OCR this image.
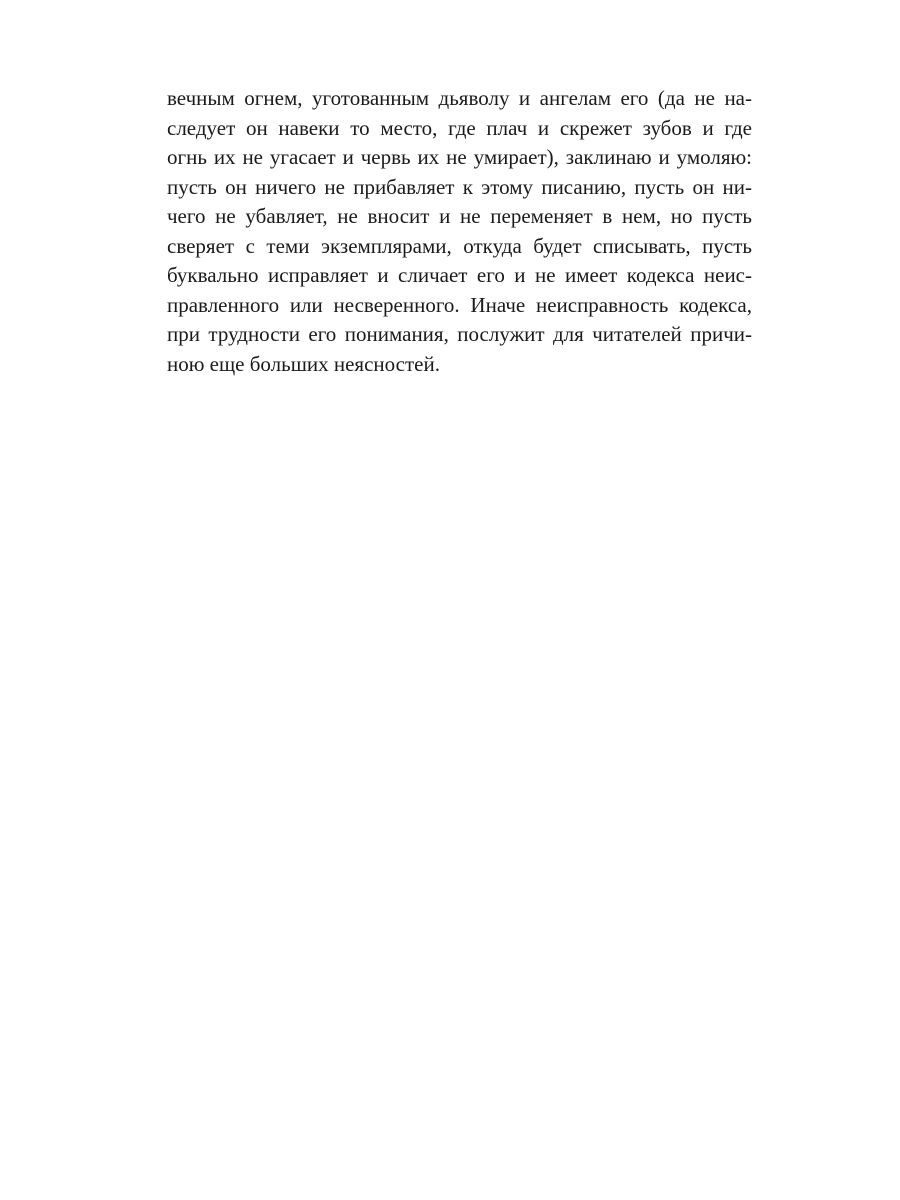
вечным огнем, уготованным дьяволу и ангелам его (да не на-
следует он навеки то место, где плач и скрежет зубов и где
огнь их не угасает и червь их не умирает), заклинаю и умоляю:
пусть он ничего не прибавляет к этому писанию, пусть он ни-
чего не убавляет, не вносит и не переменяет в нем, но пусть
сверяет с теми экземплярами, откуда будет списывать, пусть
буквально исправляет и сличает его и не имеет кодекса неис-
правленного или несверенного. Иначе неисправность кодекса,
при трудности его понимания, послужит для читателей причи-
ною еще больших неясностей.
